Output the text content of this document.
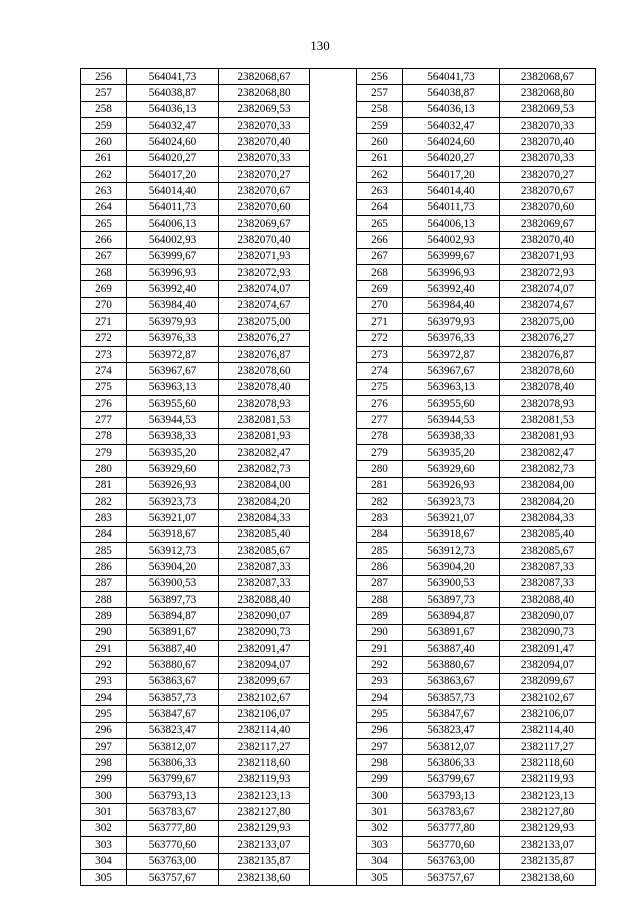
130
256	564041,73	2382068,67		256	564041,73	2382068,67
257	564038,87	2382068,80		257	564038,87	2382068,80
258	564036,13	2382069,53		258	564036,13	2382069,53
259	564032,47	2382070,33		259	564032,47	2382070,33
260	564024,60	2382070,40		260	564024,60	2382070,40
261	564020,27	2382070,33		261	564020,27	2382070,33
262	564017,20	2382070,27		262	564017,20	2382070,27
263	564014,40	2382070,67		263	564014,40	2382070,67
264	564011,73	2382070,60		264	564011,73	2382070,60
265	564006,13	2382069,67		265	564006,13	2382069,67
266	564002,93	2382070,40		266	564002,93	2382070,40
267	563999,67	2382071,93		267	563999,67	2382071,93
268	563996,93	2382072,93		268	563996,93	2382072,93
269	563992,40	2382074,07		269	563992,40	2382074,07
270	563984,40	2382074,67		270	563984,40	2382074,67
271	563979,93	2382075,00		271	563979,93	2382075,00
272	563976,33	2382076,27		272	563976,33	2382076,27
273	563972,87	2382076,87		273	563972,87	2382076,87
274	563967,67	2382078,60		274	563967,67	2382078,60
275	563963,13	2382078,40		275	563963,13	2382078,40
276	563955,60	2382078,93		276	563955,60	2382078,93
277	563944,53	2382081,53		277	563944,53	2382081,53
278	563938,33	2382081,93		278	563938,33	2382081,93
279	563935,20	2382082,47		279	563935,20	2382082,47
280	563929,60	2382082,73		280	563929,60	2382082,73
281	563926,93	2382084,00		281	563926,93	2382084,00
282	563923,73	2382084,20		282	563923,73	2382084,20
283	563921,07	2382084,33		283	563921,07	2382084,33
284	563918,67	2382085,40		284	563918,67	2382085,40
285	563912,73	2382085,67		285	563912,73	2382085,67
286	563904,20	2382087,33		286	563904,20	2382087,33
287	563900,53	2382087,33		287	563900,53	2382087,33
288	563897,73	2382088,40		288	563897,73	2382088,40
289	563894,87	2382090,07		289	563894,87	2382090,07
290	563891,67	2382090,73		290	563891,67	2382090,73
291	563887,40	2382091,47		291	563887,40	2382091,47
292	563880,67	2382094,07		292	563880,67	2382094,07
293	563863,67	2382099,67		293	563863,67	2382099,67
294	563857,73	2382102,67		294	563857,73	2382102,67
295	563847,67	2382106,07		295	563847,67	2382106,07
296	563823,47	2382114,40		296	563823,47	2382114,40
297	563812,07	2382117,27		297	563812,07	2382117,27
298	563806,33	2382118,60		298	563806,33	2382118,60
299	563799,67	2382119,93		299	563799,67	2382119,93
300	563793,13	2382123,13		300	563793,13	2382123,13
301	563783,67	2382127,80		301	563783,67	2382127,80
302	563777,80	2382129,93		302	563777,80	2382129,93
303	563770,60	2382133,07		303	563770,60	2382133,07
304	563763,00	2382135,87		304	563763,00	2382135,87
305	563757,67	2382138,60		305	563757,67	2382138,60
